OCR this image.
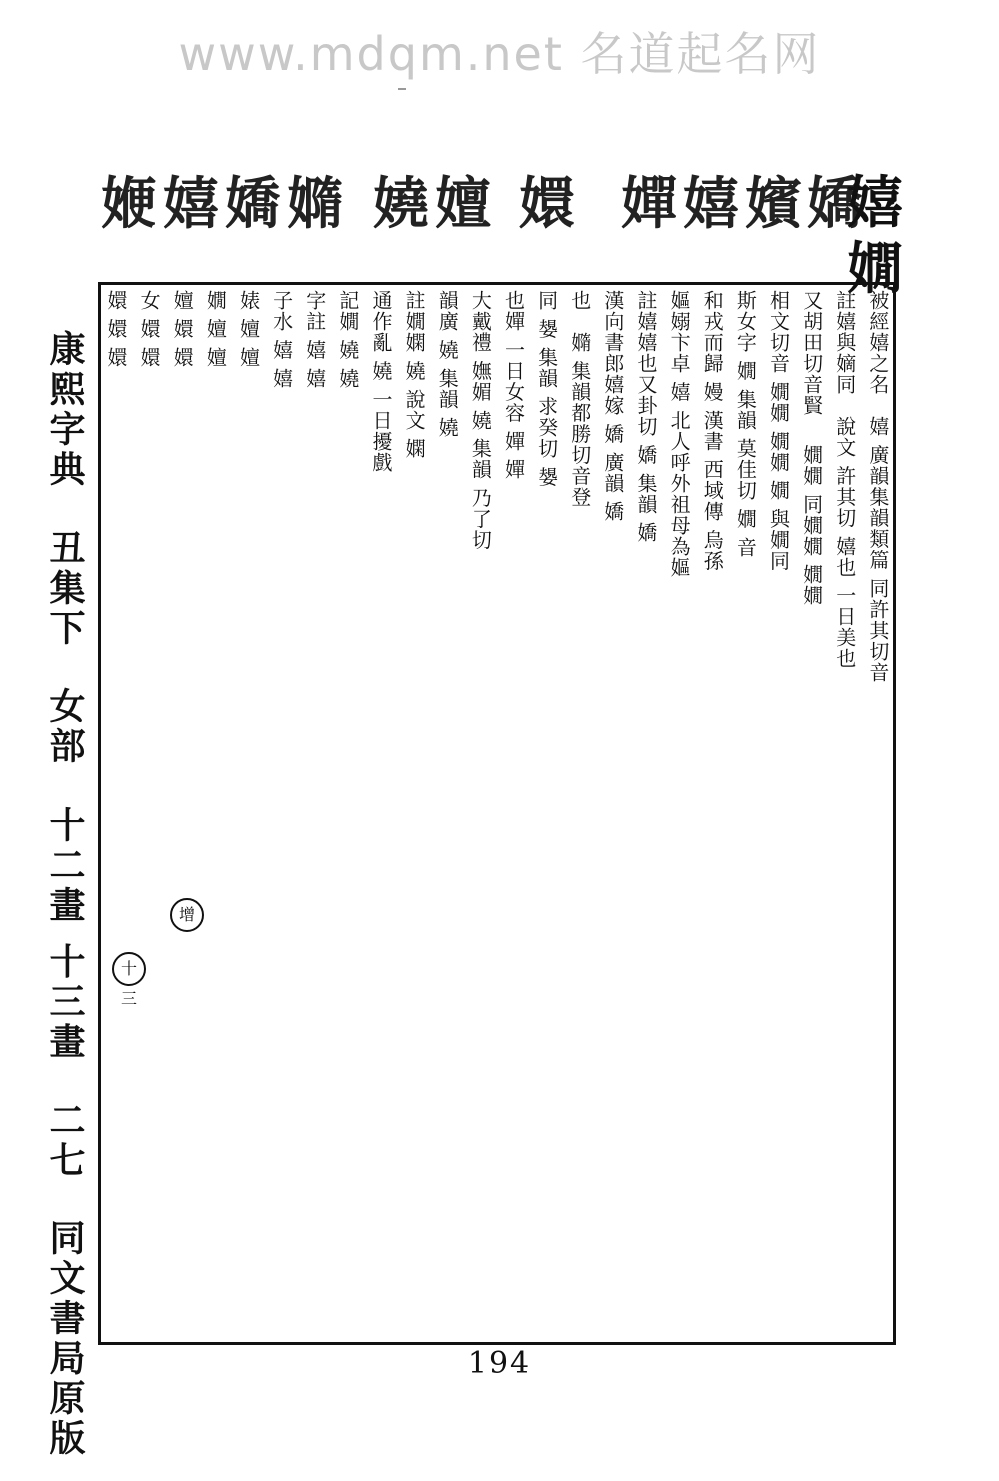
www.mdqm.net 名道起名网
㛹 嬉 嬌 嫷 嬈 嬗 嬛 嬋 嬉 嬪 嬌
嬉
嫺
被經嬉之名　嬉 廣韻集韻類篇 同許其切音
註嬉與嫡同　說文 許其切 嬉也 一日美也
又胡田切音賢　 嫺嫺 同嫺嫺 嫺嫺
相文切音 嫺嫺 嫺嫺 嫺 與嫺同
斯女字 嫺 集韻 莫佳切 嫺 音
和戎而歸 嫚 漢書 西域傳 烏孫
嫗嫋卞卓 嬉 北人呼外祖母為嫗
註嬉嬉也又卦切 嬌 集韻 嬌
漢向書郎嬉嫁 嬌 廣韻 嬌
也　嫷 集韻都勝切音登
同 嫢 集韻 求癸切 嫢
也嬋 一日女容 嬋 嬋
大戴禮 嫵媚 嬈 集韻 乃了切
韻廣 嬈 集韻 嬈
註嫺嫻 嬈 說文 嫻
通作亂 嬈 一日擾戲
記嫺 嬈 嬈
字註 嬉 嬉
子水 嬉 嬉
婊 嬗 嬗
嫺 嬗 嬗
嬗 嬛 嬛
女 嬛 嬛
嬛 嬛 嬛
康熙字典 丑集下 女部 十二畫 十三畫 二七 同文書局原版
十三
增
194
